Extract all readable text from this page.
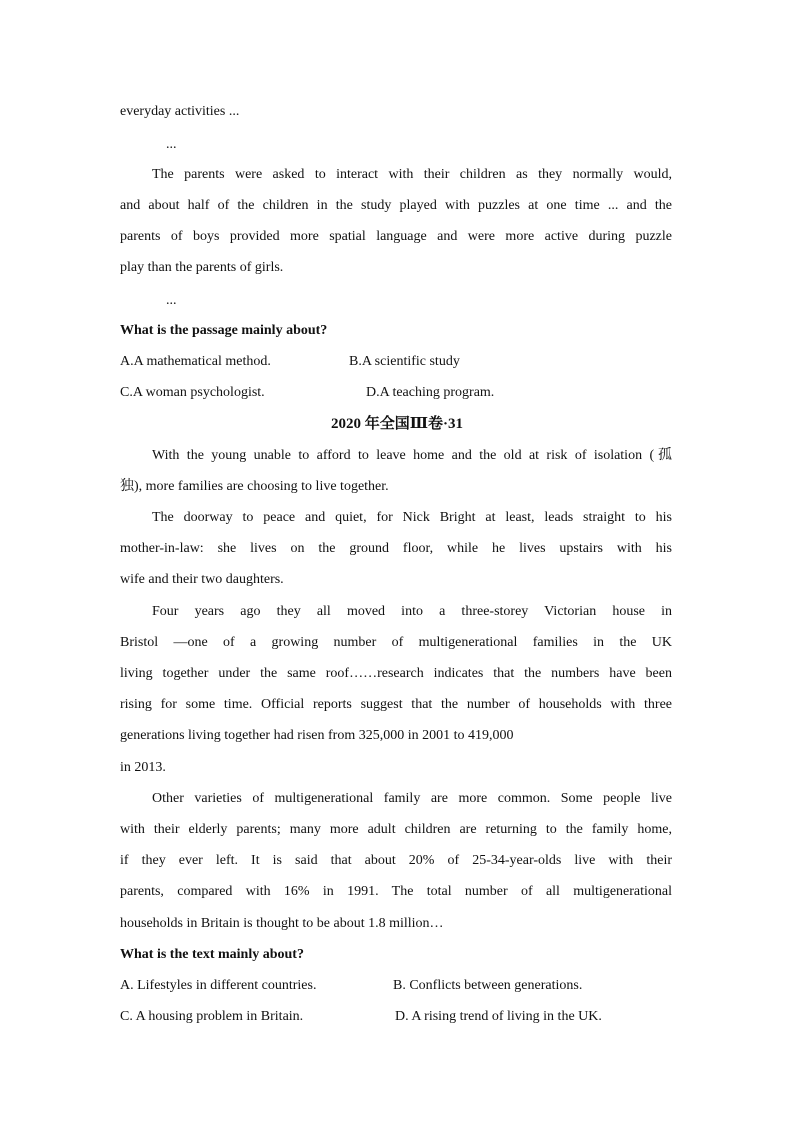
everyday activities ...
...
The parents were asked to interact with their children as they normally would,
and about half of the children in the study played with puzzles at one time ... and the
parents of boys provided more spatial language and were more active during puzzle
play than the parents of girls.
...
What is the passage mainly about?
A.A mathematical method.	B.A scientific study
C.A woman psychologist.	D.A teaching program.
2020 年全国Ⅲ卷·31
With the young unable to afford to leave home and the old at risk of isolation (孤
独), more families are choosing to live together.
The doorway to peace and quiet, for Nick Bright at least, leads straight to his
mother-in-law: she lives on the ground floor, while he lives upstairs with his
wife and their two daughters.
Four years ago they all moved into a three-storey Victorian house in
Bristol —one of a growing number of multigenerational families in the UK
living together under the same roof……research indicates that the numbers have been
rising for some time. Official reports suggest that the number of households with three
generations living together had risen from 325,000 in 2001 to 419,000
in 2013.
Other varieties of multigenerational family are more common. Some people live
with their elderly parents; many more adult children are returning to the family home,
if they ever left. It is said that about 20% of 25-34-year-olds live with their
parents, compared with 16% in 1991. The total number of all multigenerational
households in Britain is thought to be about 1.8 million…
What is the text mainly about?
A. Lifestyles in different countries.	B. Conflicts between generations.
C. A housing problem in Britain.	D. A rising trend of living in the UK.
